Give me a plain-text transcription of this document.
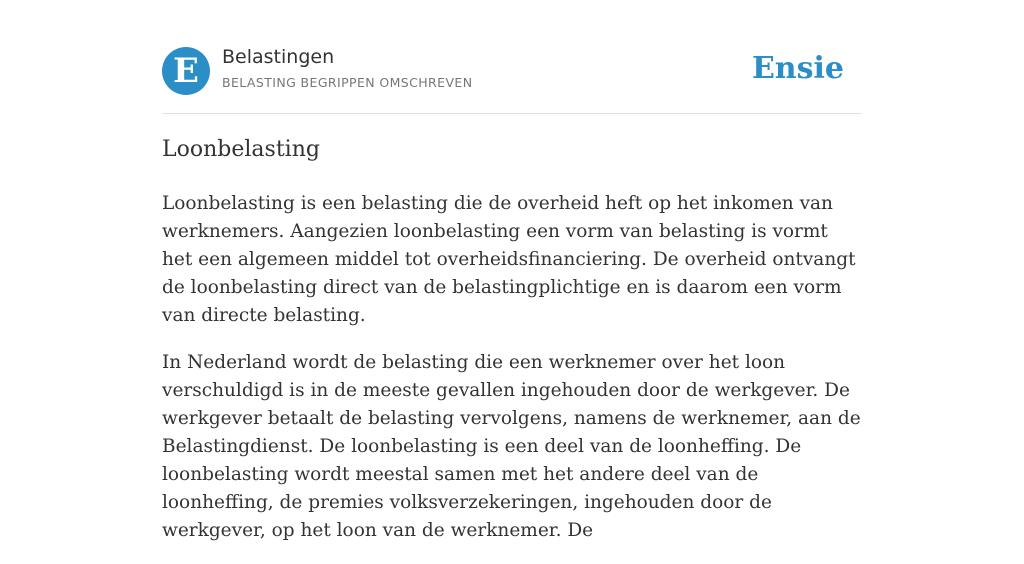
E	Belastingen
BELASTING BEGRIPPEN OMSCHREVEN	Ensie
Loonbelasting

Loonbelasting is een belasting die de overheid heft op het inkomen van werknemers. Aangezien loonbelasting een vorm van belasting is vormt het een algemeen middel tot overheidsfinanciering. De overheid ontvangt de loonbelasting direct van de belastingplichtige en is daarom een vorm van directe belasting.

In Nederland wordt de belasting die een werknemer over het loon verschuldigd is in de meeste gevallen ingehouden door de werkgever. De werkgever betaalt de belasting vervolgens, namens de werknemer, aan de Belastingdienst. De loonbelasting is een deel van de loonheffing. De loonbelasting wordt meestal samen met het andere deel van de loonheffing, de premies volksverzekeringen, ingehouden door de werkgever, op het loon van de werknemer. De
